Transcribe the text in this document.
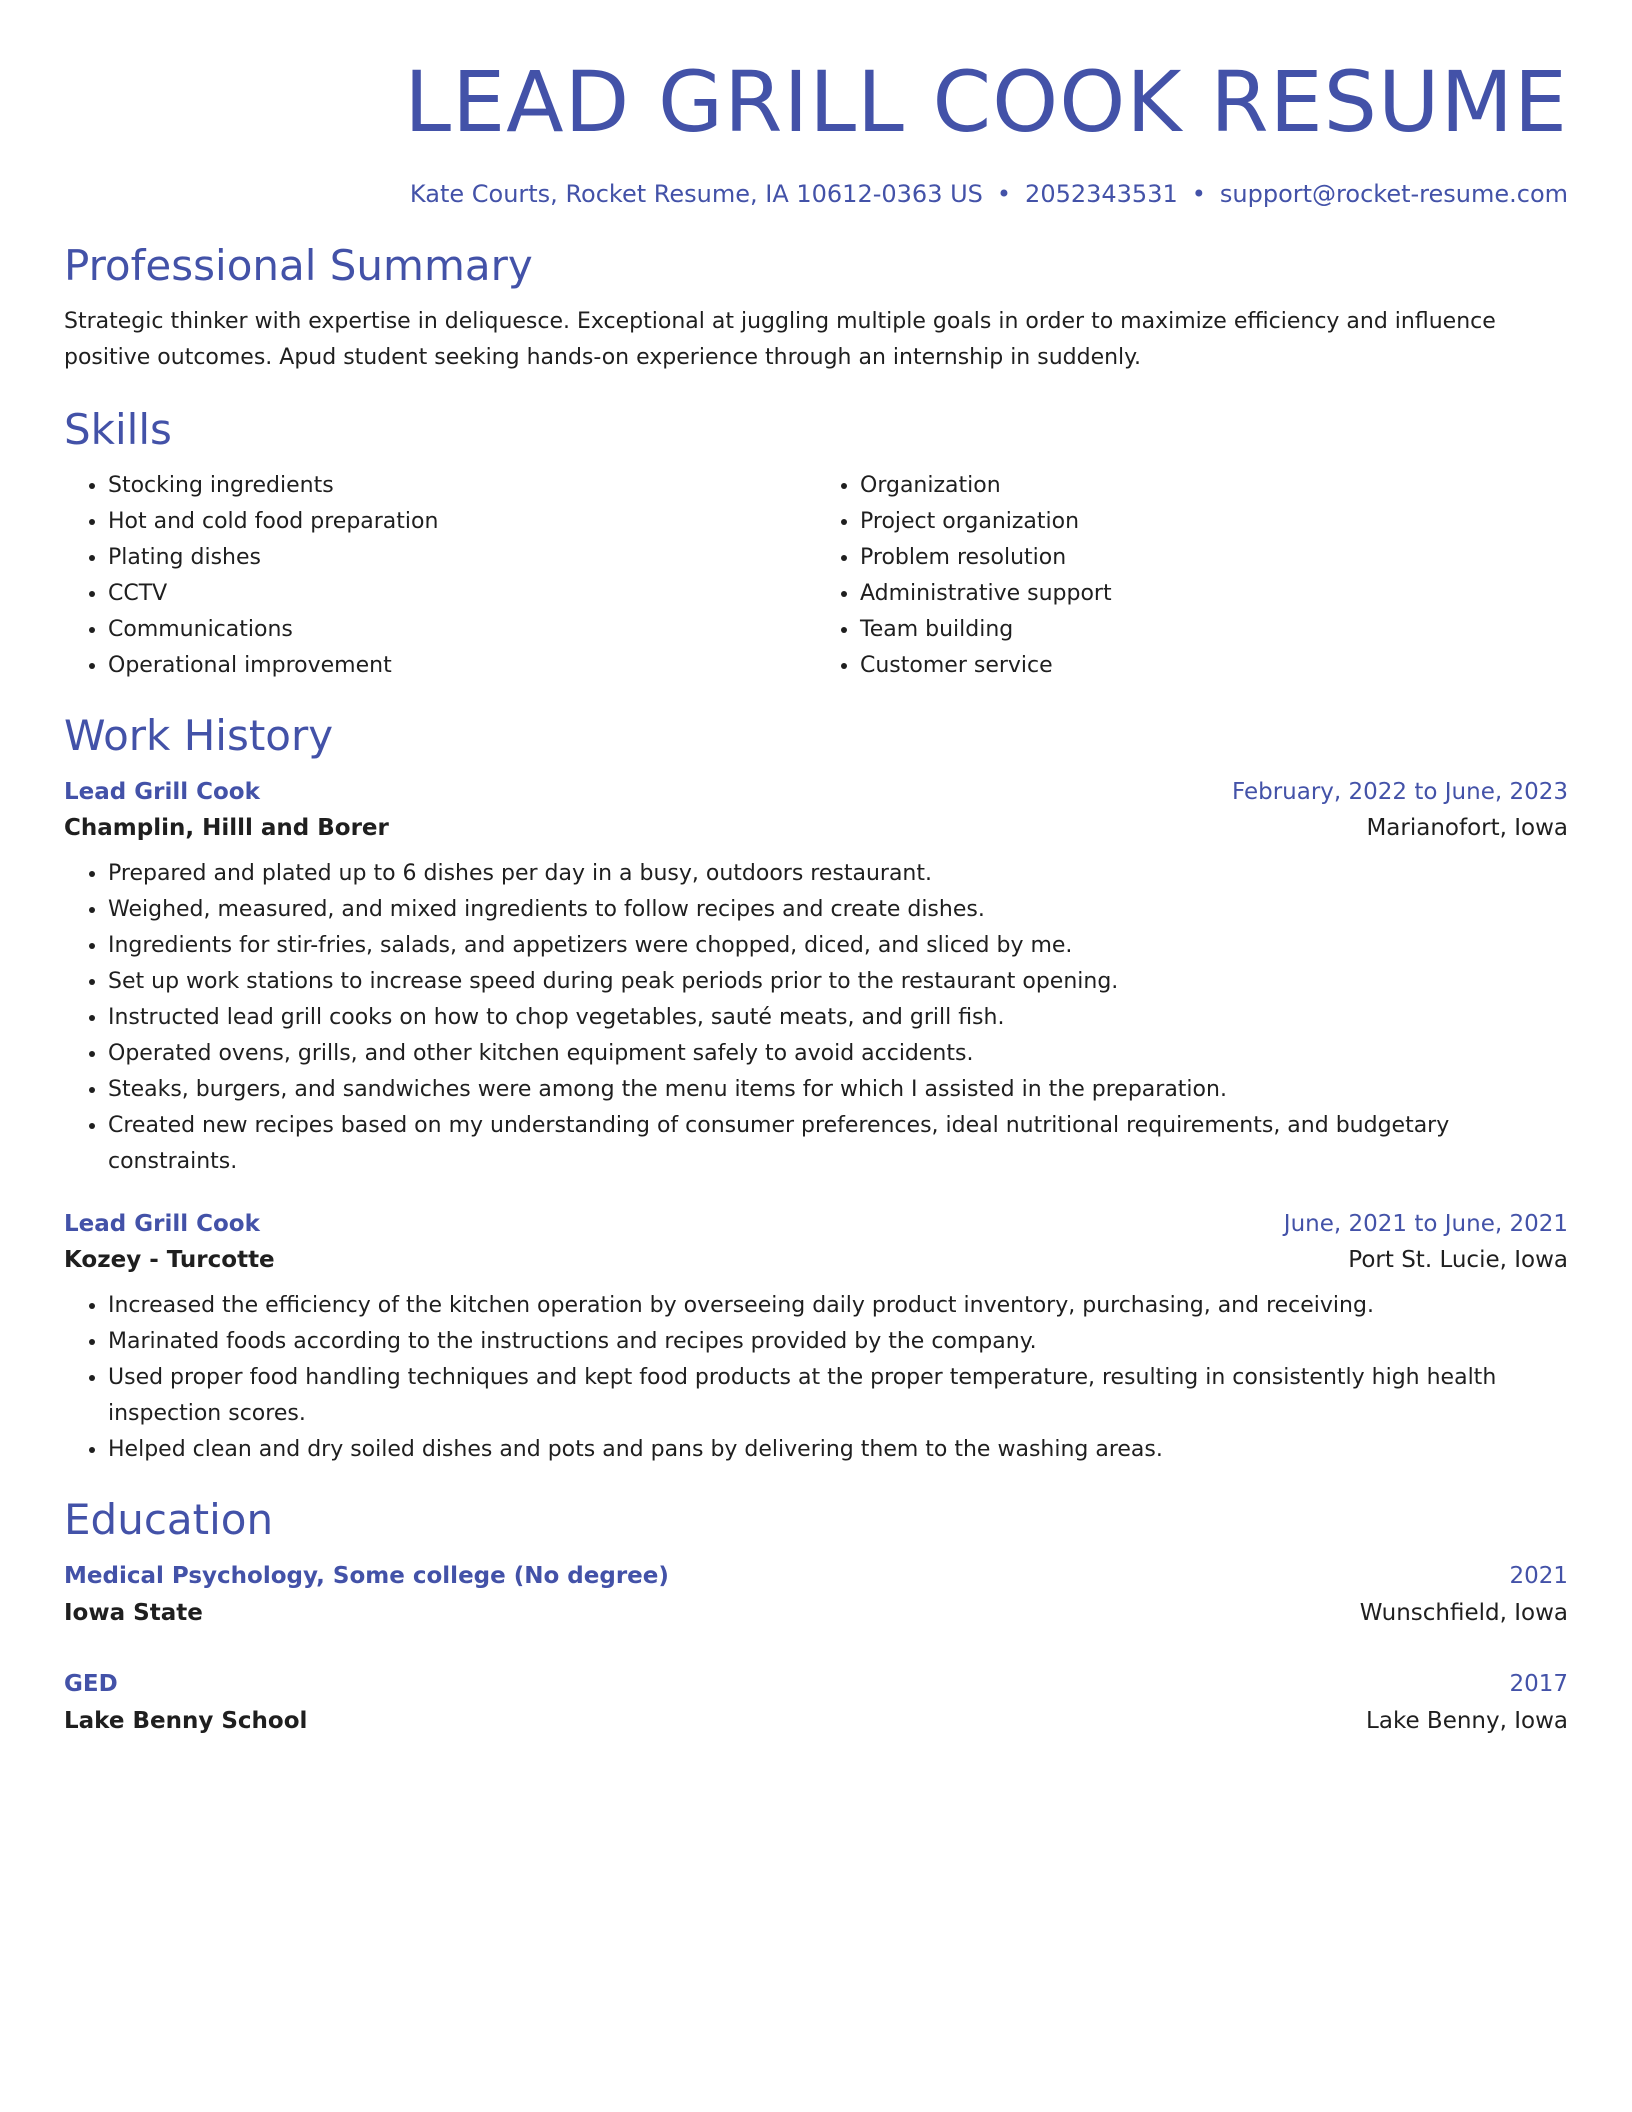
LEAD GRILL COOK RESUME
Kate Courts, Rocket Resume, IA 10612-0363 US • 2052343531 • support@rocket-resume.com
Professional Summary
Strategic thinker with expertise in deliquesce. Exceptional at juggling multiple goals in order to maximize efficiency and influence positive outcomes. Apud student seeking hands-on experience through an internship in suddenly.
Skills
• Stocking ingredients
• Hot and cold food preparation
• Plating dishes
• CCTV
• Communications
• Operational improvement
• Organization
• Project organization
• Problem resolution
• Administrative support
• Team building
• Customer service
Work History
Lead Grill Cook	February, 2022 to June, 2023
Champlin, Hilll and Borer	Marianofort, Iowa
• Prepared and plated up to 6 dishes per day in a busy, outdoors restaurant.
• Weighed, measured, and mixed ingredients to follow recipes and create dishes.
• Ingredients for stir-fries, salads, and appetizers were chopped, diced, and sliced by me.
• Set up work stations to increase speed during peak periods prior to the restaurant opening.
• Instructed lead grill cooks on how to chop vegetables, sauté meats, and grill fish.
• Operated ovens, grills, and other kitchen equipment safely to avoid accidents.
• Steaks, burgers, and sandwiches were among the menu items for which I assisted in the preparation.
• Created new recipes based on my understanding of consumer preferences, ideal nutritional requirements, and budgetary constraints.
Lead Grill Cook	June, 2021 to June, 2021
Kozey - Turcotte	Port St. Lucie, Iowa
• Increased the efficiency of the kitchen operation by overseeing daily product inventory, purchasing, and receiving.
• Marinated foods according to the instructions and recipes provided by the company.
• Used proper food handling techniques and kept food products at the proper temperature, resulting in consistently high health inspection scores.
• Helped clean and dry soiled dishes and pots and pans by delivering them to the washing areas.
Education
Medical Psychology, Some college (No degree)	2021
Iowa State	Wunschfield, Iowa
GED	2017
Lake Benny School	Lake Benny, Iowa
